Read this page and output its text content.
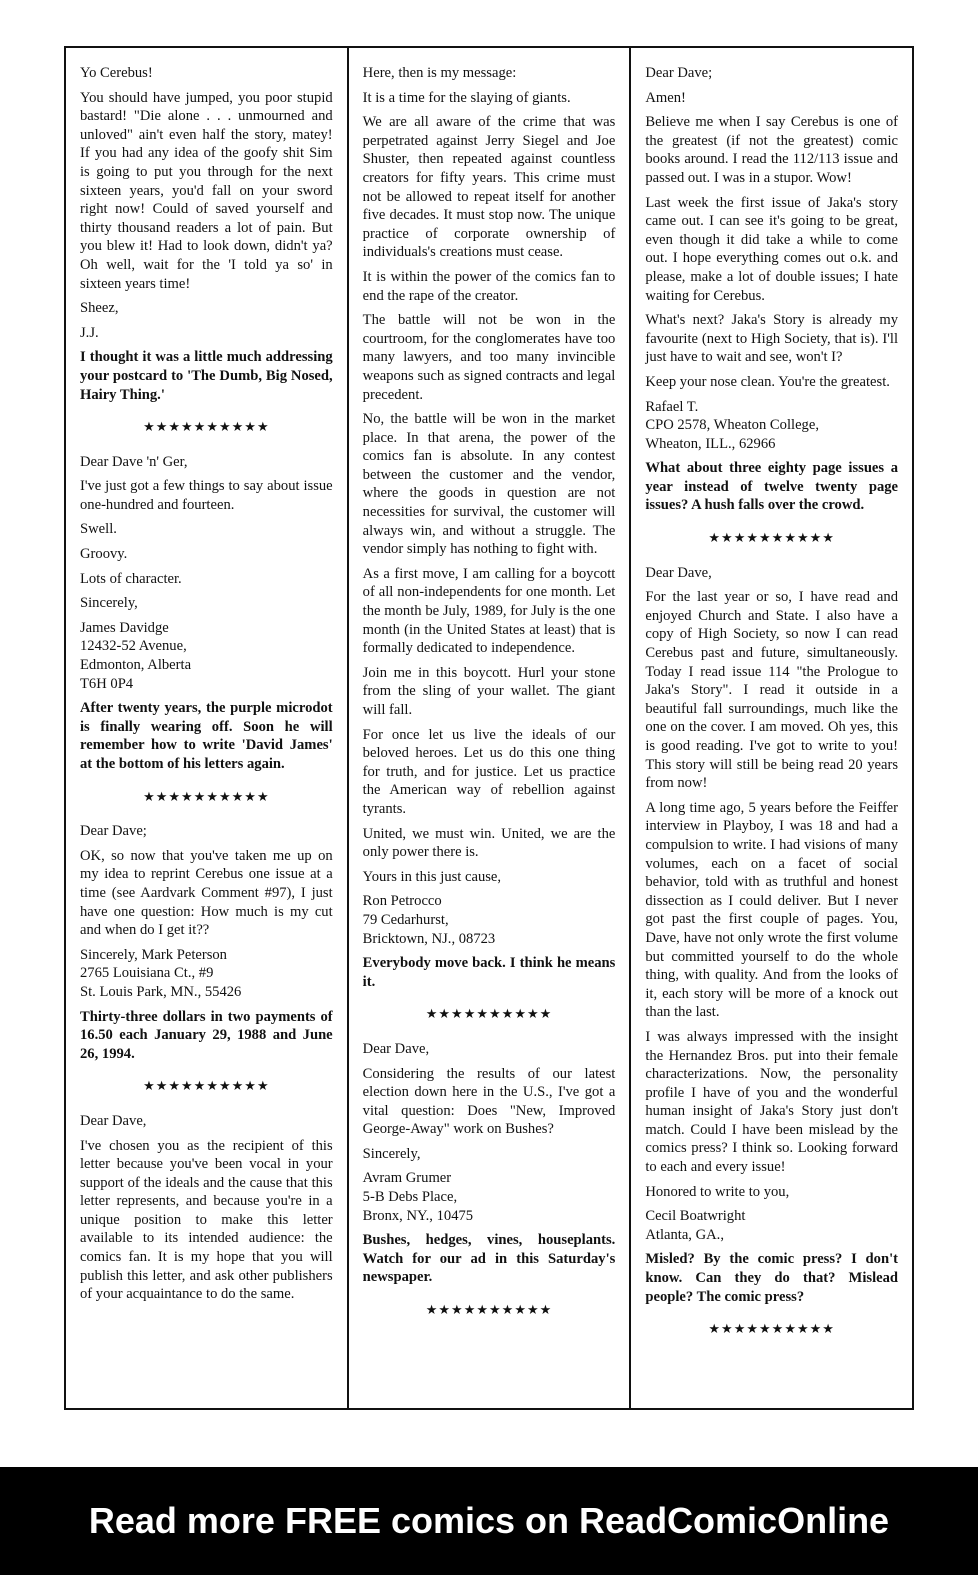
Yo Cerebus!

You should have jumped, you poor stupid bastard! "Die alone . . . unmourned and unloved" ain't even half the story, matey! If you had any idea of the goofy shit Sim is going to put you through for the next sixteen years, you'd fall on your sword right now! Could of saved yourself and thirty thousand readers a lot of pain. But you blew it! Had to look down, didn't ya? Oh well, wait for the 'I told ya so' in sixteen years time!

Sheez,

J.J.

I thought it was a little much addressing your postcard to 'The Dumb, Big Nosed, Hairy Thing.'

★★★★★★★★★★

Dear Dave 'n' Ger,

I've just got a few things to say about issue one-hundred and fourteen.

Swell.

Groovy.

Lots of character.

Sincerely,

James Davidge
12432-52 Avenue,
Edmonton, Alberta
T6H 0P4

After twenty years, the purple microdot is finally wearing off. Soon he will remember how to write 'David James' at the bottom of his letters again.

★★★★★★★★★★

Dear Dave;

OK, so now that you've taken me up on my idea to reprint Cerebus one issue at a time (see Aardvark Comment #97), I just have one question: How much is my cut and when do I get it??

Sincerely, Mark Peterson
2765 Louisiana Ct., #9
St. Louis Park, MN., 55426

Thirty-three dollars in two payments of 16.50 each January 29, 1988 and June 26, 1994.

★★★★★★★★★★

Dear Dave,

I've chosen you as the recipient of this letter because you've been vocal in your support of the ideals and the cause that this letter represents, and because you're in a unique position to make this letter available to its intended audience: the comics fan. It is my hope that you will publish this letter, and ask other publishers of your acquaintance to do the same.

Here, then is my message:

It is a time for the slaying of giants.

We are all aware of the crime that was perpetrated against Jerry Siegel and Joe Shuster, then repeated against countless creators for fifty years. This crime must not be allowed to repeat itself for another five decades. It must stop now. The unique practice of corporate ownership of individuals's creations must cease.

It is within the power of the comics fan to end the rape of the creator.

The battle will not be won in the courtroom, for the conglomerates have too many lawyers, and too many invincible weapons such as signed contracts and legal precedent.

No, the battle will be won in the market place. In that arena, the power of the comics fan is absolute. In any contest between the customer and the vendor, where the goods in question are not necessities for survival, the customer will always win, and without a struggle. The vendor simply has nothing to fight with.

As a first move, I am calling for a boycott of all non-independents for one month. Let the month be July, 1989, for July is the one month (in the United States at least) that is formally dedicated to independence.

Join me in this boycott. Hurl your stone from the sling of your wallet. The giant will fall.

For once let us live the ideals of our beloved heroes. Let us do this one thing for truth, and for justice. Let us practice the American way of rebellion against tyrants.

United, we must win. United, we are the only power there is.

Yours in this just cause,

Ron Petrocco
79 Cedarhurst,
Bricktown, NJ., 08723

Everybody move back. I think he means it.

★★★★★★★★★★

Dear Dave,

Considering the results of our latest election down here in the U.S., I've got a vital question: Does "New, Improved George-Away" work on Bushes?

Sincerely,

Avram Grumer
5-B Debs Place,
Bronx, NY., 10475

Bushes, hedges, vines, houseplants. Watch for our ad in this Saturday's newspaper.

★★★★★★★★★★

Dear Dave;

Amen!

Believe me when I say Cerebus is one of the greatest (if not the greatest) comic books around. I read the 112/113 issue and passed out. I was in a stupor. Wow!

Last week the first issue of Jaka's story came out. I can see it's going to be great, even though it did take a while to come out. I hope everything comes out o.k. and please, make a lot of double issues; I hate waiting for Cerebus.

What's next? Jaka's Story is already my favourite (next to High Society, that is). I'll just have to wait and see, won't I?

Keep your nose clean. You're the greatest.

Rafael T.
CPO 2578, Wheaton College,
Wheaton, ILL., 62966

What about three eighty page issues a year instead of twelve twenty page issues? A hush falls over the crowd.

★★★★★★★★★★

Dear Dave,

For the last year or so, I have read and enjoyed Church and State. I also have a copy of High Society, so now I can read Cerebus past and future, simultaneously. Today I read issue 114 "the Prologue to Jaka's Story". I read it outside in a beautiful fall surroundings, much like the one on the cover. I am moved. Oh yes, this is good reading. I've got to write to you! This story will still be being read 20 years from now!

A long time ago, 5 years before the Feiffer interview in Playboy, I was 18 and had a compulsion to write. I had visions of many volumes, each on a facet of social behavior, told with as truthful and honest dissection as I could deliver. But I never got past the first couple of pages. You, Dave, have not only wrote the first volume but committed yourself to do the whole thing, with quality. And from the looks of it, each story will be more of a knock out than the last.

I was always impressed with the insight the Hernandez Bros. put into their female characterizations. Now, the personality profile I have of you and the wonderful human insight of Jaka's Story just don't match. Could I have been mislead by the comics press? I think so. Looking forward to each and every issue!

Honored to write to you,

Cecil Boatwright
Atlanta, GA.,

Misled? By the comic press? I don't know. Can they do that? Mislead people? The comic press?

★★★★★★★★★★
Read more FREE comics on ReadComicOnline
